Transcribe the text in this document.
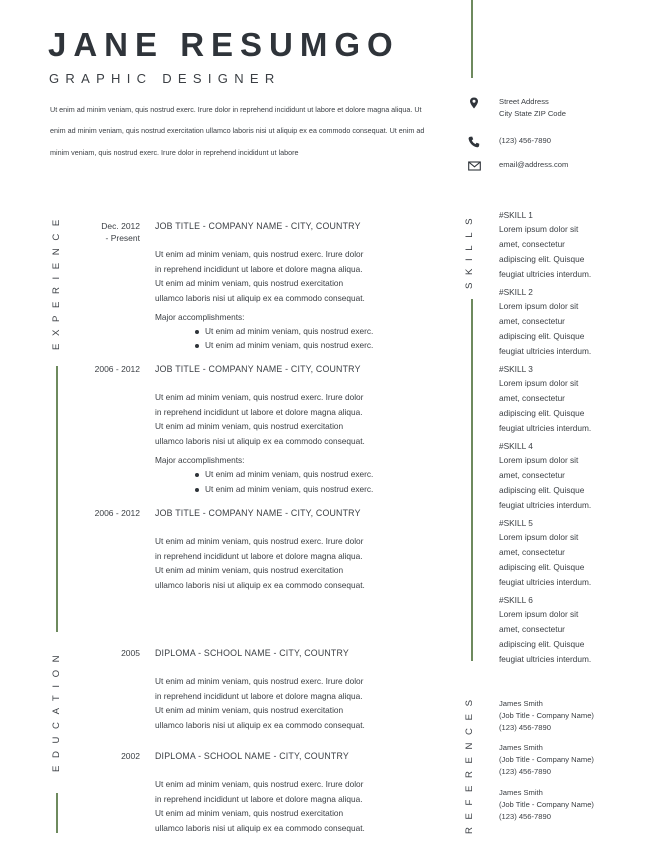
JANE RESUMGO
GRAPHIC DESIGNER
Ut enim ad minim veniam, quis nostrud exerc. Irure dolor in reprehend incididunt ut labore et dolore magna aliqua. Ut enim ad minim veniam, quis nostrud exercitation ullamco laboris nisi ut aliquip ex ea commodo consequat. Ut enim ad minim veniam, quis nostrud exerc. Irure dolor in reprehend incididunt ut labore
Street Address
City State ZIP Code
(123) 456-7890
email@address.com
EXPERIENCE
EDUCATION
SKILLS
REFERENCES
Dec. 2012
- Present
JOB TITLE - COMPANY NAME - CITY, COUNTRY
Ut enim ad minim veniam, quis nostrud exerc. Irure dolor
in reprehend incididunt ut labore et dolore magna aliqua.
Ut enim ad minim veniam, quis nostrud exercitation
ullamco laboris nisi ut aliquip ex ea commodo consequat.
Major accomplishments:
Ut enim ad minim veniam, quis nostrud exerc.
Ut enim ad minim veniam, quis nostrud exerc.
2006 - 2012 JOB TITLE - COMPANY NAME - CITY, COUNTRY
Ut enim ad minim veniam, quis nostrud exerc. Irure dolor
in reprehend incididunt ut labore et dolore magna aliqua.
Ut enim ad minim veniam, quis nostrud exercitation
ullamco laboris nisi ut aliquip ex ea commodo consequat.
Major accomplishments:
Ut enim ad minim veniam, quis nostrud exerc.
Ut enim ad minim veniam, quis nostrud exerc.
2006 - 2012 JOB TITLE - COMPANY NAME - CITY, COUNTRY
Ut enim ad minim veniam, quis nostrud exerc. Irure dolor
in reprehend incididunt ut labore et dolore magna aliqua.
Ut enim ad minim veniam, quis nostrud exercitation
ullamco laboris nisi ut aliquip ex ea commodo consequat.
2005 DIPLOMA - SCHOOL NAME - CITY, COUNTRY
Ut enim ad minim veniam, quis nostrud exerc. Irure dolor
in reprehend incididunt ut labore et dolore magna aliqua.
Ut enim ad minim veniam, quis nostrud exercitation
ullamco laboris nisi ut aliquip ex ea commodo consequat.
2002 DIPLOMA - SCHOOL NAME - CITY, COUNTRY
Ut enim ad minim veniam, quis nostrud exerc. Irure dolor
in reprehend incididunt ut labore et dolore magna aliqua.
Ut enim ad minim veniam, quis nostrud exercitation
ullamco laboris nisi ut aliquip ex ea commodo consequat.
#SKILL 1
Lorem ipsum dolor sit
amet, consectetur
adipiscing elit. Quisque
feugiat ultricies interdum.
#SKILL 2
Lorem ipsum dolor sit
amet, consectetur
adipiscing elit. Quisque
feugiat ultricies interdum.
#SKILL 3
Lorem ipsum dolor sit
amet, consectetur
adipiscing elit. Quisque
feugiat ultricies interdum.
#SKILL 4
Lorem ipsum dolor sit
amet, consectetur
adipiscing elit. Quisque
feugiat ultricies interdum.
#SKILL 5
Lorem ipsum dolor sit
amet, consectetur
adipiscing elit. Quisque
feugiat ultricies interdum.
#SKILL 6
Lorem ipsum dolor sit
amet, consectetur
adipiscing elit. Quisque
feugiat ultricies interdum.
James Smith
(Job Title - Company Name)
(123) 456-7890
James Smith
(Job Title - Company Name)
(123) 456-7890
James Smith
(Job Title - Company Name)
(123) 456-7890
